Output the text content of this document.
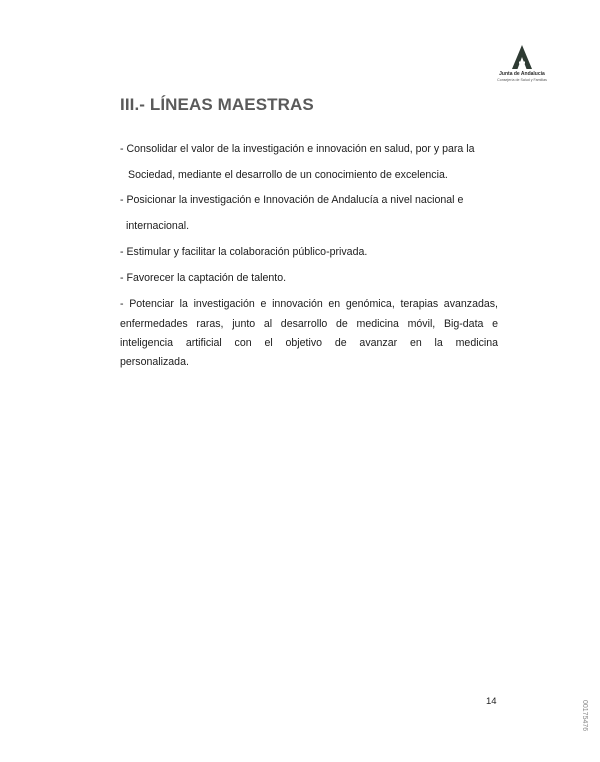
Junta de Andalucía
Consejería de Salud y Familias
III.- LÍNEAS MAESTRAS
- Consolidar el valor de la investigación e innovación en salud, por y para la
Sociedad, mediante el desarrollo de un conocimiento de excelencia.
- Posicionar la investigación e Innovación de Andalucía a nivel nacional e
internacional.
- Estimular y facilitar la colaboración público-privada.
- Favorecer la captación de talento.
- Potenciar la investigación e innovación en genómica, terapias avanzadas,
enfermedades raras, junto al desarrollo de medicina móvil, Big-data e
inteligencia artificial con el objetivo de avanzar en la medicina
personalizada.
14	00175476
